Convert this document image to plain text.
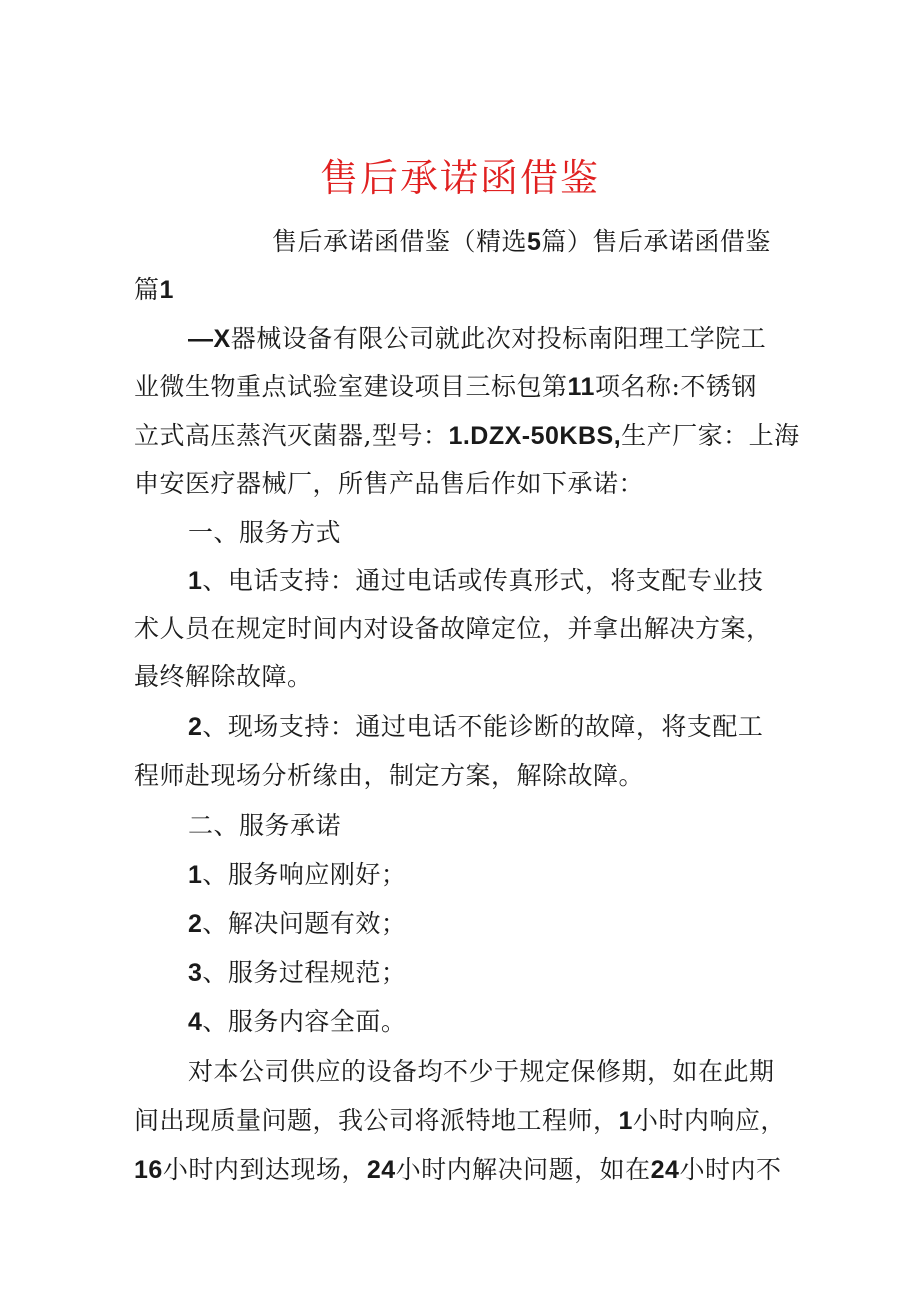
售后承诺函借鉴
售后承诺函借鉴（精选5篇）售后承诺函借鉴
篇1
—X器械设备有限公司就此次对投标南阳理工学院工
业微生物重点试验室建设项目三标包第11项名称:不锈钢
立式高压蒸汽灭菌器,型号：1.DZX-50KBS,生产厂家：上海
申安医疗器械厂，所售产品售后作如下承诺：
一、服务方式
1、电话支持：通过电话或传真形式，将支配专业技
术人员在规定时间内对设备故障定位，并拿出解决方案，
最终解除故障。
2、现场支持：通过电话不能诊断的故障，将支配工
程师赴现场分析缘由，制定方案，解除故障。
二、服务承诺
1、服务响应刚好；
2、解决问题有效；
3、服务过程规范；
4、服务内容全面。
对本公司供应的设备均不少于规定保修期，如在此期
间出现质量问题，我公司将派特地工程师，1小时内响应，
16小时内到达现场，24小时内解决问题，如在24小时内不
